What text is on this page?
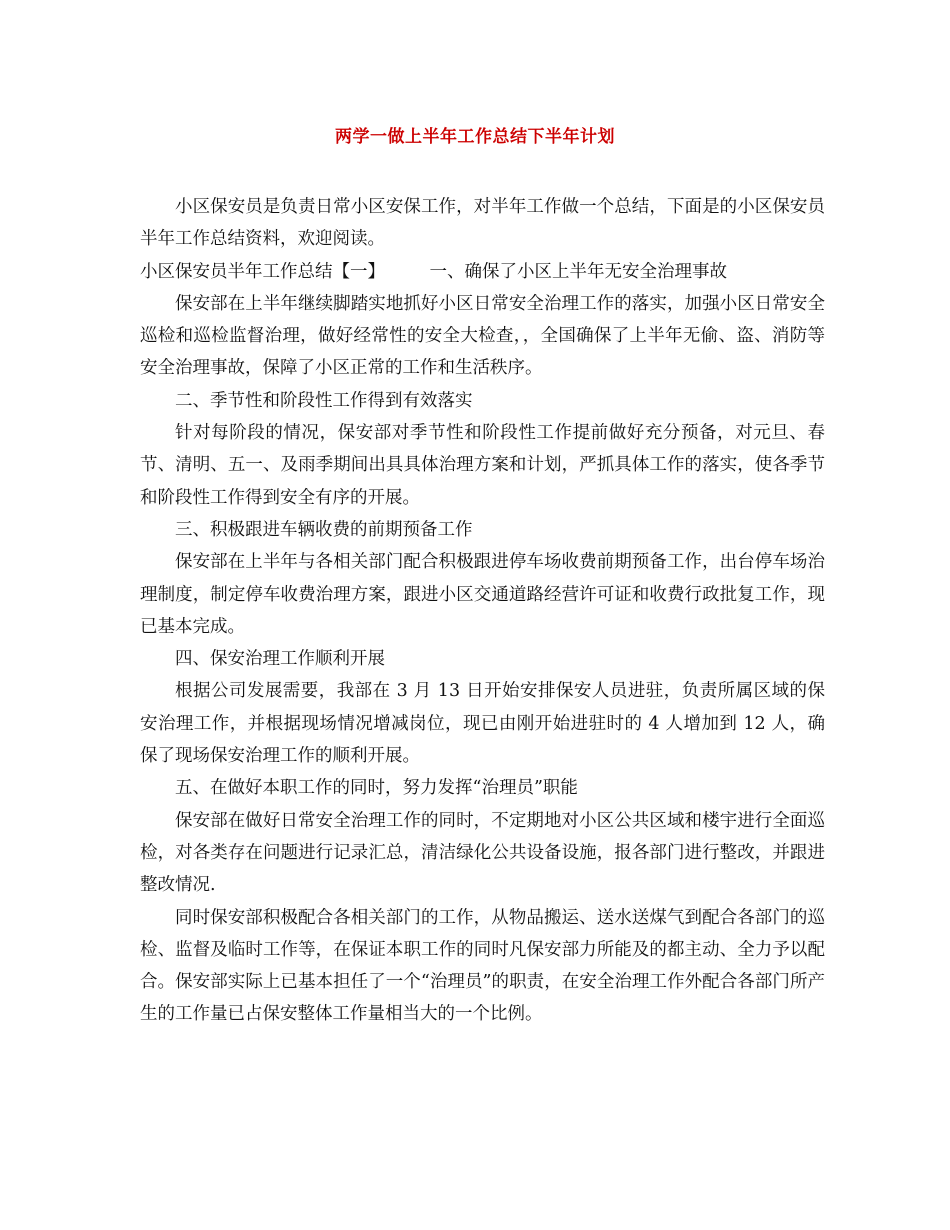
两学一做上半年工作总结下半年计划

小区保安员是负责日常小区安保工作，对半年工作做一个总结，下面是的小区保安员半年工作总结资料，欢迎阅读。

小区保安员半年工作总结【一】        一、确保了小区上半年无安全治理事故

保安部在上半年继续脚踏实地抓好小区日常安全治理工作的落实，加强小区日常安全巡检和巡检监督治理，做好经常性的安全大检查，，全国确保了上半年无偷、盗、消防等安全治理事故，保障了小区正常的工作和生活秩序。

二、季节性和阶段性工作得到有效落实

针对每阶段的情况，保安部对季节性和阶段性工作提前做好充分预备，对元旦、春节、清明、五一、及雨季期间出具具体治理方案和计划，严抓具体工作的落实，使各季节和阶段性工作得到安全有序的开展。

三、积极跟进车辆收费的前期预备工作

保安部在上半年与各相关部门配合积极跟进停车场收费前期预备工作，出台停车场治理制度，制定停车收费治理方案，跟进小区交通道路经营许可证和收费行政批复工作，现已基本完成。

四、保安治理工作顺利开展

根据公司发展需要，我部在 3 月 13 日开始安排保安人员进驻，负责所属区域的保安治理工作，并根据现场情况增减岗位，现已由刚开始进驻时的 4 人增加到 12 人，确保了现场保安治理工作的顺利开展。

五、在做好本职工作的同时，努力发挥“治理员”职能

保安部在做好日常安全治理工作的同时，不定期地对小区公共区域和楼宇进行全面巡检，对各类存在问题进行记录汇总，清洁绿化公共设备设施，报各部门进行整改，并跟进整改情况.

同时保安部积极配合各相关部门的工作，从物品搬运、送水送煤气到配合各部门的巡检、监督及临时工作等，在保证本职工作的同时凡保安部力所能及的都主动、全力予以配合。保安部实际上已基本担任了一个“治理员”的职责，在安全治理工作外配合各部门所产生的工作量已占保安整体工作量相当大的一个比例。
